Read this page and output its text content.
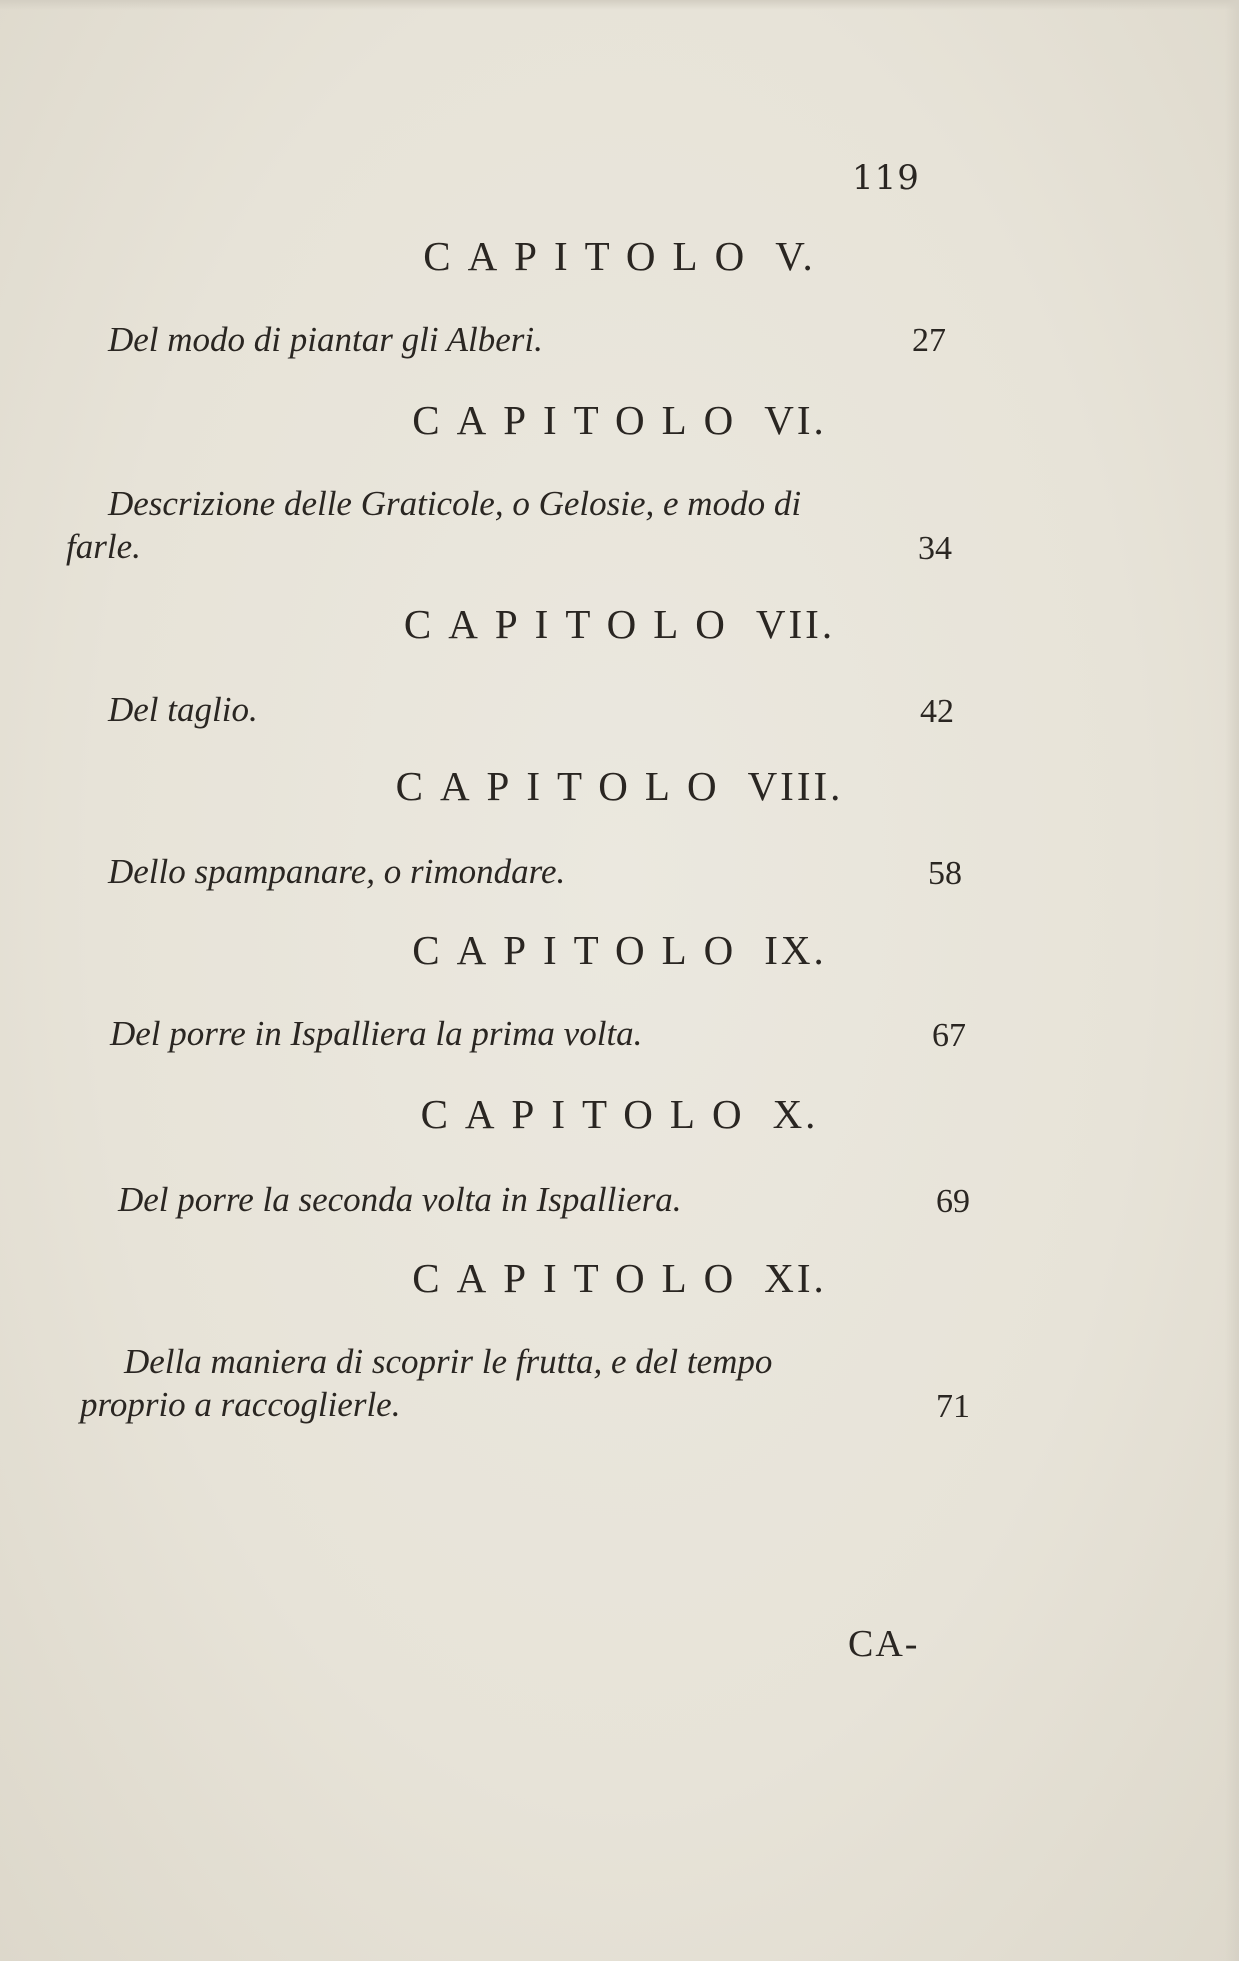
119
CAPITOLO V.
Del modo di piantar gli Alberi.	27
CAPITOLO VI.
Descrizione delle Graticole, o Gelosie, e modo di
farle.	34
CAPITOLO VII.
Del taglio.	42
CAPITOLO VIII.
Dello spampanare, o rimondare.	58
CAPITOLO IX.
Del porre in Ispalliera la prima volta.	67
CAPITOLO X.
Del porre la seconda volta in Ispalliera.	69
CAPITOLO XI.
Della maniera di scoprir le frutta, e del tempo
proprio a raccoglierle.	71
CA-
